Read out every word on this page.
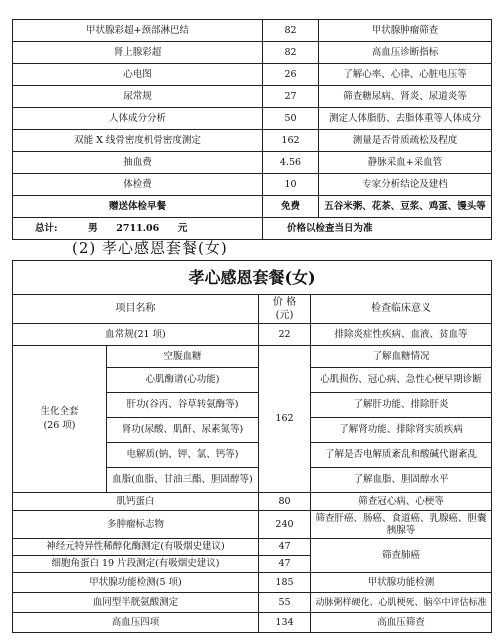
甲状腺彩超+颈部淋巴结	82	甲状腺肿瘤筛查
肾上腺彩超	82	高血压诊断指标
心电图	26	了解心率、心律、心脏电压等
尿常规	27	筛查糖尿病、肾炎、尿道炎等
人体成分分析	50	测定人体脂肪、去脂体重等人体成分
双能 X 线骨密度机骨密度测定	162	测量是否骨质疏松及程度
抽血费	4.56	静脉采血+采血管
体检费	10	专家分析结论及建档
赠送体检早餐	免费	五谷米粥、花茶、豆浆、鸡蛋、馒头等
总计: 男 2711.06 元	价格以检查当日为准	
(2) 孝心感恩套餐(女)
孝心感恩套餐(女)			
项目名称		价 格
(元)	检查临床意义
血常规(21 项)		22	排除炎症性疾病、血液、贫血等
生化全套
(26 项)	空腹血糖	162	了解血糖情况
	心肌酶谱(心功能)		心肌损伤、冠心病、急性心梗早期诊断
	肝功(谷丙、谷草转氨酶等)		了解肝功能、排除肝炎
	肾功(尿酸、肌酐、尿素氮等)		了解肾功能、排除肾实质疾病
	电解质(钠、钾、氯、钙等)		了解是否电解质紊乱和酸碱代谢紊乱
	血脂(血脂、甘油三酯、胆固醇等)		了解血脂、胆固醇水平
肌钙蛋白		80	筛查冠心病、心梗等
多肿瘤标志物		240	筛查肝癌、肠癌、食道癌、乳腺癌、胆囊胰腺等
神经元特异性稀醇化酶测定(有吸烟史建议)		47	筛查肺癌
细胞角蛋白 19 片段测定(有吸烟史建议)		47	
甲状腺功能检测(5 项)		185	甲状腺功能检测
血同型半胱氨酸测定		55	动脉粥样硬化、心肌梗死、脑卒中评估标准
高血压四项		134	高血压筛查
